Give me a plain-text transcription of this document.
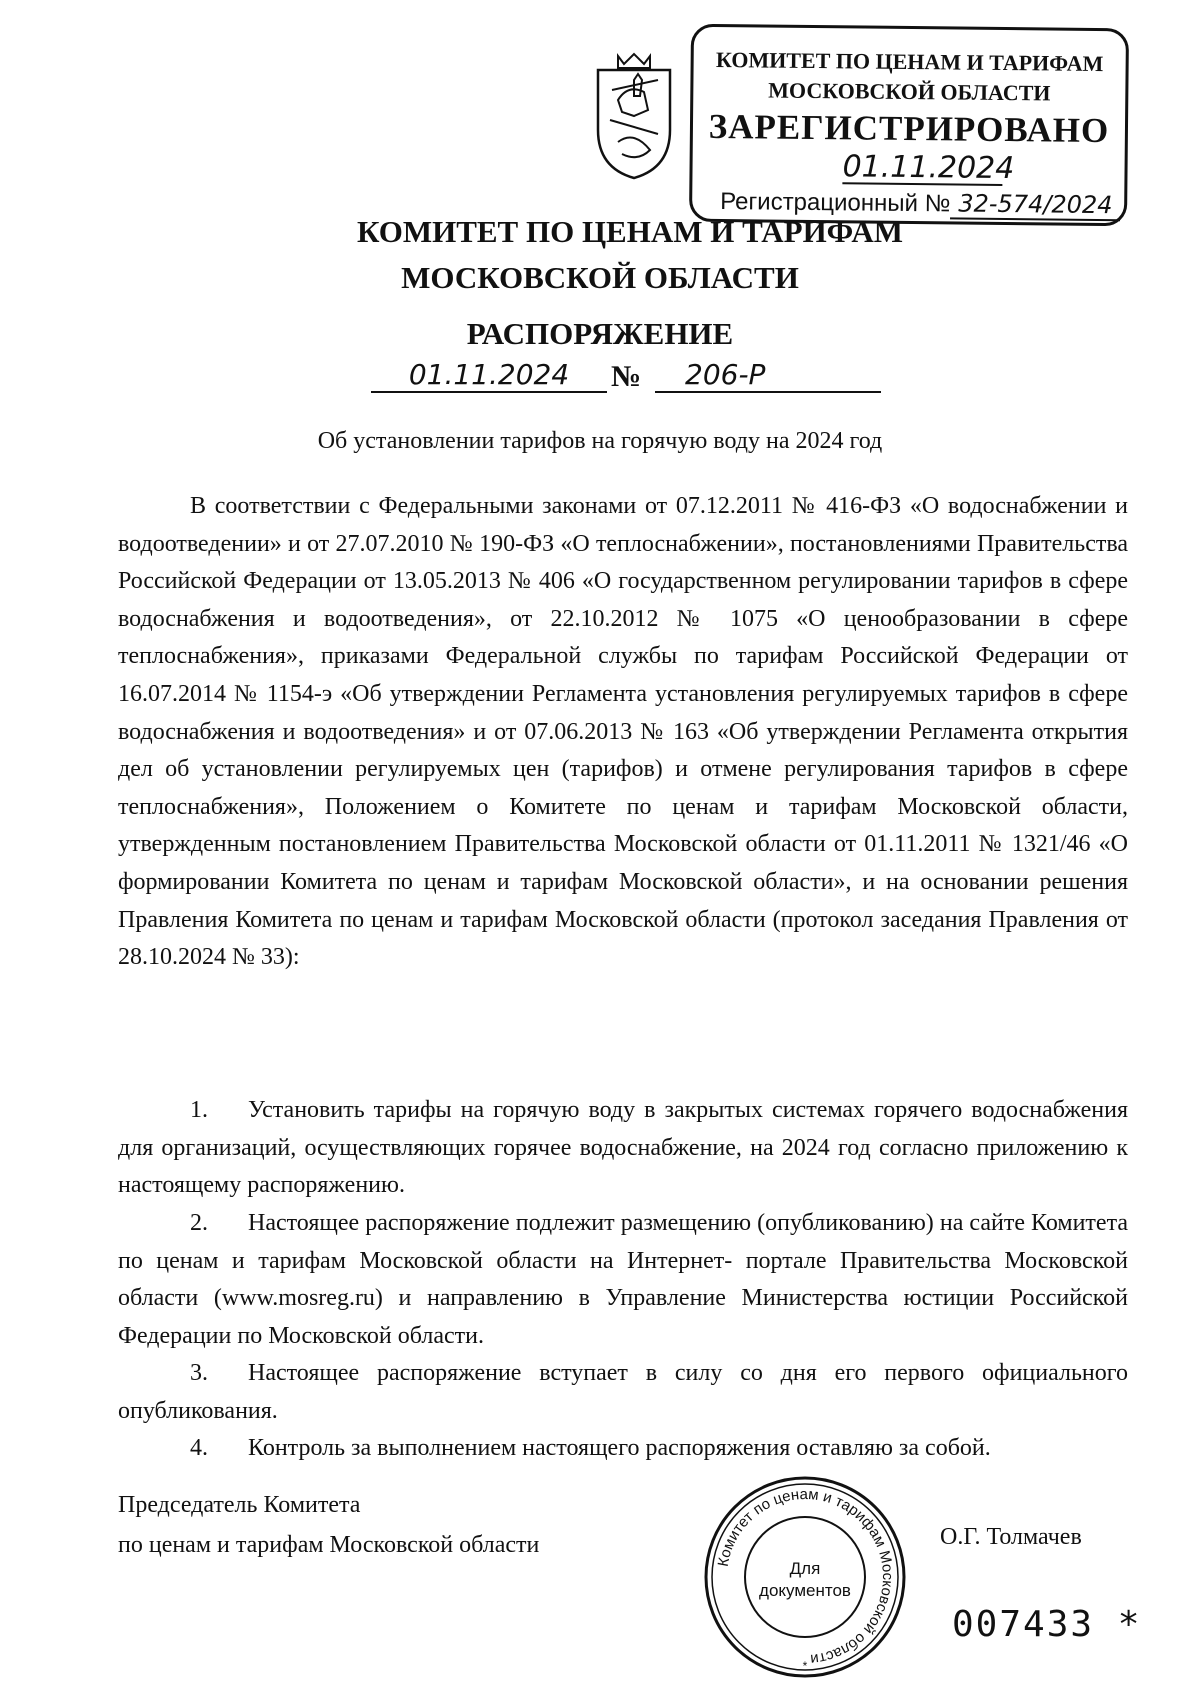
КОМИТЕТ ПО ЦЕНАМ И ТАРИФАМ
МОСКОВСКОЙ ОБЛАСТИ
ЗАРЕГИСТРИРОВАНО
01.11.2024
Регистрационный № 32-574/2024
КОМИТЕТ ПО ЦЕНАМ И ТАРИФАМ
МОСКОВСКОЙ ОБЛАСТИ
РАСПОРЯЖЕНИЕ
01.11.2024	№	206-Р
Об установлении тарифов на горячую воду на 2024 год
В соответствии с Федеральными законами от 07.12.2011 № 416-ФЗ «О водоснабжении и водоотведении» и от 27.07.2010 № 190-ФЗ «О теплоснабжении», постановлениями Правительства Российской Федерации от 13.05.2013 № 406 «О государственном регулировании тарифов в сфере водоснабжения и водоотведения», от 22.10.2012 № 1075 «О ценообразовании в сфере теплоснабжения», приказами Федеральной службы по тарифам Российской Федерации от 16.07.2014 № 1154-э «Об утверждении Регламента установления регулируемых тарифов в сфере водоснабжения и водоотведения» и от 07.06.2013 № 163 «Об утверждении Регламента открытия дел об установлении регулируемых цен (тарифов) и отмене регулирования тарифов в сфере теплоснабжения», Положением о Комитете по ценам и тарифам Московской области, утвержденным постановлением Правительства Московской области от 01.11.2011 № 1321/46 «О формировании Комитета по ценам и тарифам Московской области», и на основании решения Правления Комитета по ценам и тарифам Московской области (протокол заседания Правления от 28.10.2024 № 33):
1. Установить тарифы на горячую воду в закрытых системах горячего водоснабжения для организаций, осуществляющих горячее водоснабжение, на 2024 год согласно приложению к настоящему распоряжению.
2. Настоящее распоряжение подлежит размещению (опубликованию) на сайте Комитета по ценам и тарифам Московской области на Интернет- портале Правительства Московской области (www.mosreg.ru) и направлению в Управление Министерства юстиции Российской Федерации по Московской области.
3. Настоящее распоряжение вступает в силу со дня его первого официального опубликования.
4. Контроль за выполнением настоящего распоряжения оставляю за собой.
Председатель Комитета
по ценам и тарифам Московской области
Комитет по ценам и тарифам Московской области
Для
документов
*
О.Г. Толмачев
007433 *
